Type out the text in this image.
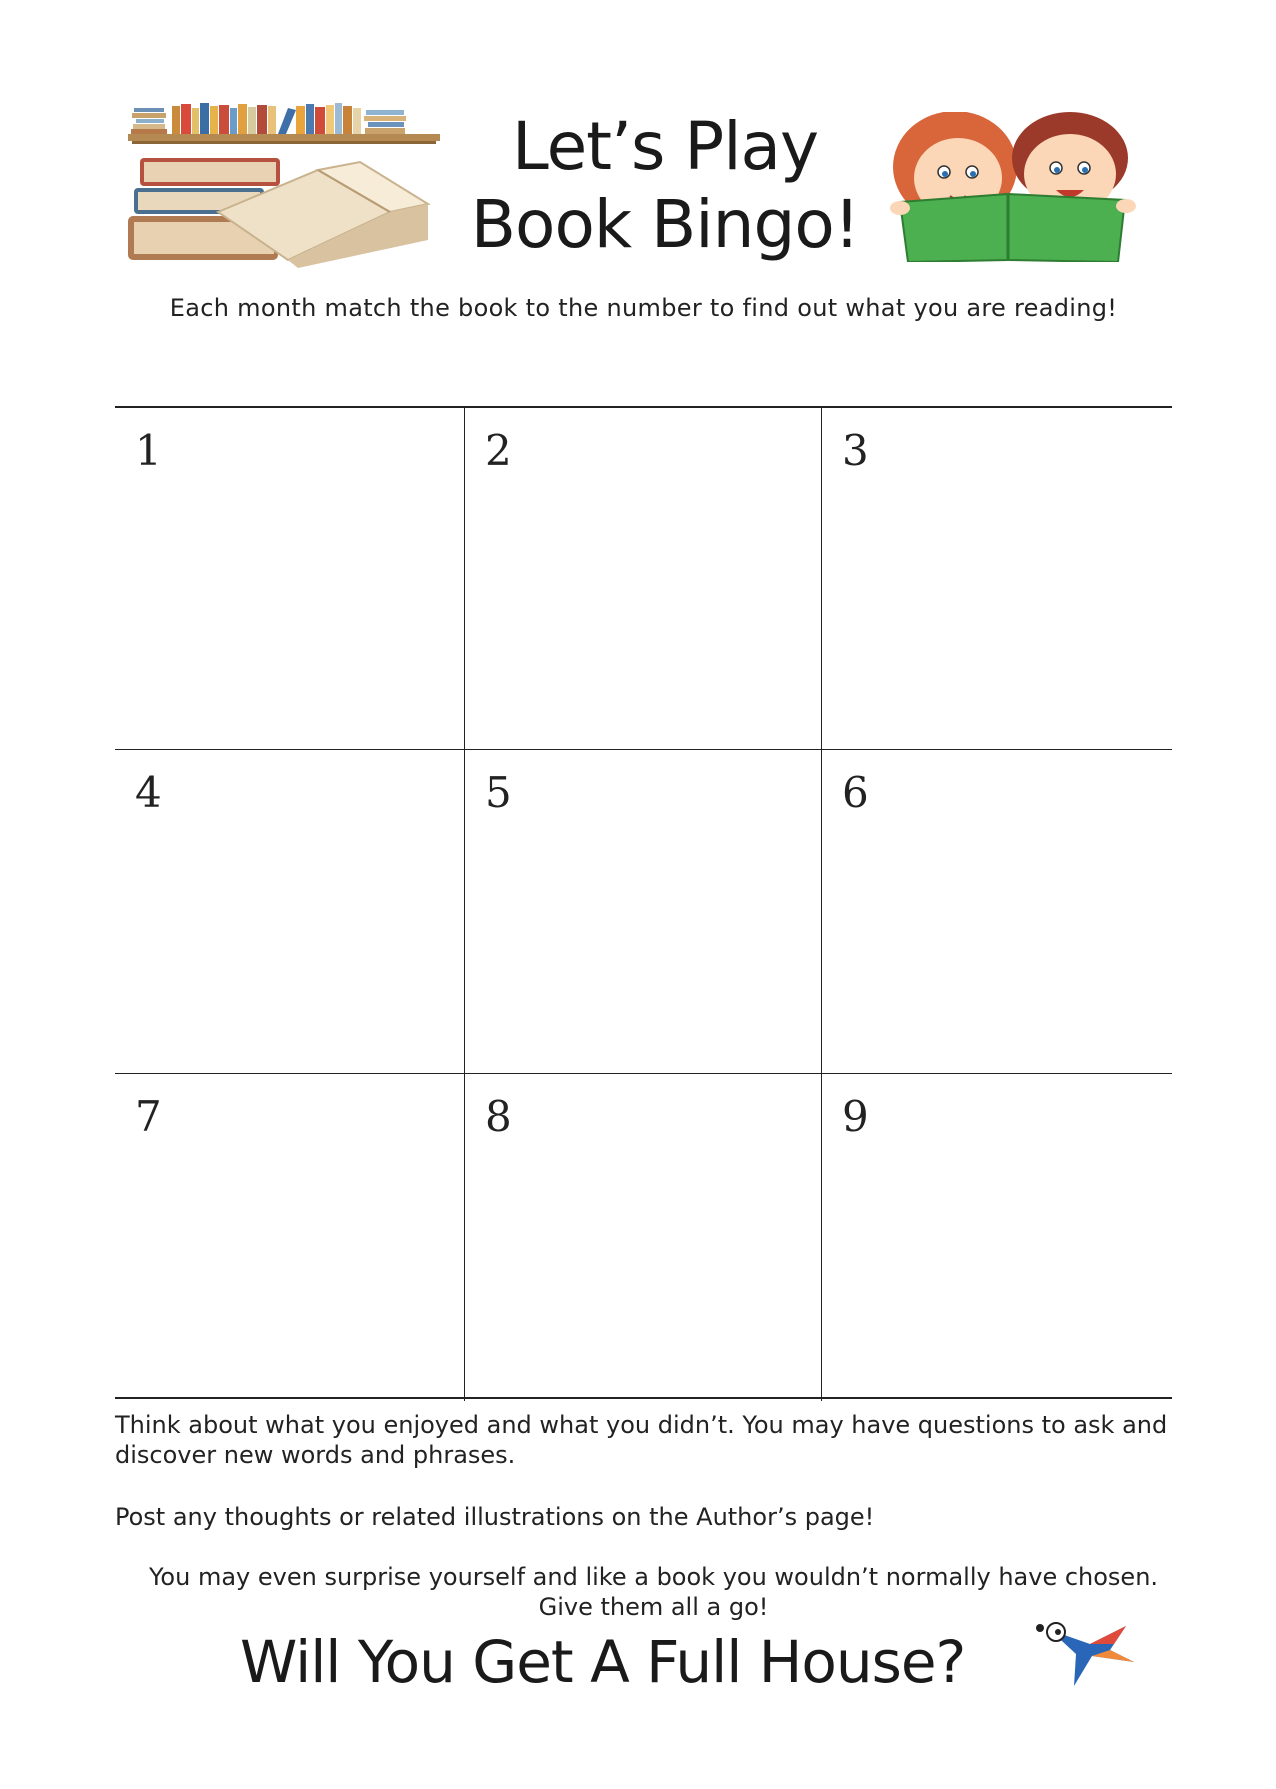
Let’s Play
Book Bingo!
Each month match the book to the number to find out what you are reading!
1	2	3
4	5	6
7	8	9
Think about what you enjoyed and what you didn’t. You may have questions to ask and discover new words and phrases.
Post any thoughts or related illustrations on the Author’s page!
You may even surprise yourself and like a book you wouldn’t normally have chosen.
Give them all a go!
Will You Get A Full House?
